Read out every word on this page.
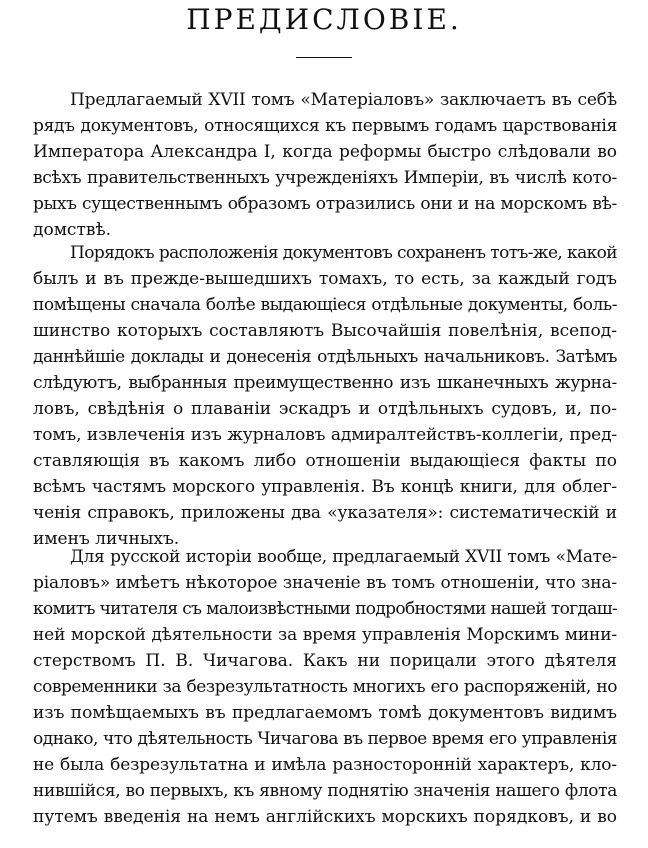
ПРЕДИСЛОВІЕ.
Предлагаемый XVII томъ «Матеріаловъ» заключаетъ въ себѣ
рядъ документовъ, относящихся къ первымъ годамъ царствованія
Императора Александра I, когда реформы быстро слѣдовали во
всѣхъ правительственныхъ учрежденіяхъ Имперіи, въ числѣ кото-
рыхъ существеннымъ образомъ отразились они и на морскомъ вѣ-
домствѣ.
Порядокъ расположенія документовъ сохраненъ тотъ-же, какой
былъ и въ прежде-вышедшихъ томахъ, то есть, за каждый годъ
помѣщены сначала болѣе выдающіеся отдѣльные документы, боль-
шинство которыхъ составляютъ Высочайшія повелѣнія, всепод-
даннѣйшіе доклады и донесенія отдѣльныхъ начальниковъ. Затѣмъ
слѣдуютъ, выбранныя преимущественно изъ шканечныхъ журна-
ловъ, свѣдѣнія о плаваніи эскадръ и отдѣльныхъ судовъ, и, по-
томъ, извлеченія изъ журналовъ адмиралтействъ-коллегіи, пред-
ставляющія въ какомъ либо отношеніи выдающіеся факты по
всѣмъ частямъ морского управленія. Въ концѣ книги, для облег-
ченія справокъ, приложены два «указателя»: систематическій и
именъ личныхъ.
Для русской исторіи вообще, предлагаемый XVII томъ «Мате-
ріаловъ» имѣетъ нѣкоторое значеніе въ томъ отношеніи, что зна-
комитъ читателя съ малоизвѣстными подробностями нашей тогдаш-
ней морской дѣятельности за время управленія Морскимъ мини-
стерствомъ П. В. Чичагова. Какъ ни порицали этого дѣятеля
современники за безрезультатность многихъ его распоряженій, но
изъ помѣщаемыхъ въ предлагаемомъ томѣ документовъ видимъ
однако, что дѣятельность Чичагова въ первое время его управленія
не была безрезультатна и имѣла разносторонній характеръ, кло-
нившійся, во первыхъ, къ явному поднятію значенія нашего флота
путемъ введенія на немъ англійскихъ морскихъ порядковъ, и во
